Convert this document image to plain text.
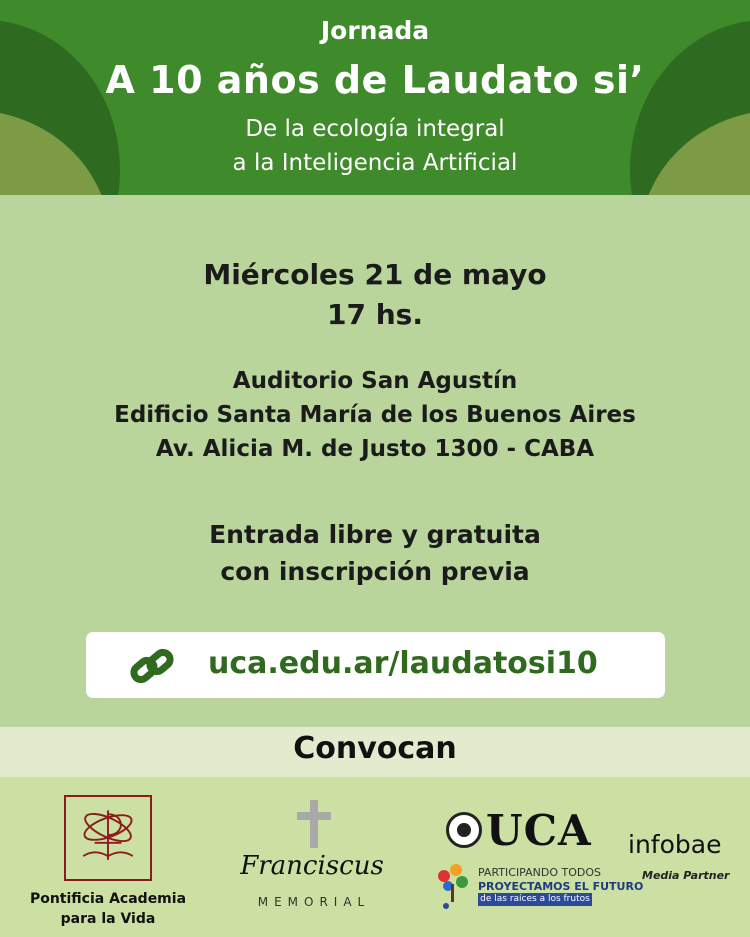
Jornada
A 10 años de Laudato si’
De la ecología integral
a la Inteligencia Artificial
Miércoles 21 de mayo
17 hs.
Auditorio San Agustín
Edificio Santa María de los Buenos Aires
Av. Alicia M. de Justo 1300 - CABA
Entrada libre y gratuita
con inscripción previa
uca.edu.ar/laudatosi10
Convocan
Pontificia Academia
para la Vida
Franciscus
MEMORIAL
UCA
PARTICIPANDO TODOS
PROYECTAMOS EL FUTURO
de las raíces a los frutos
infobae
Media Partner
